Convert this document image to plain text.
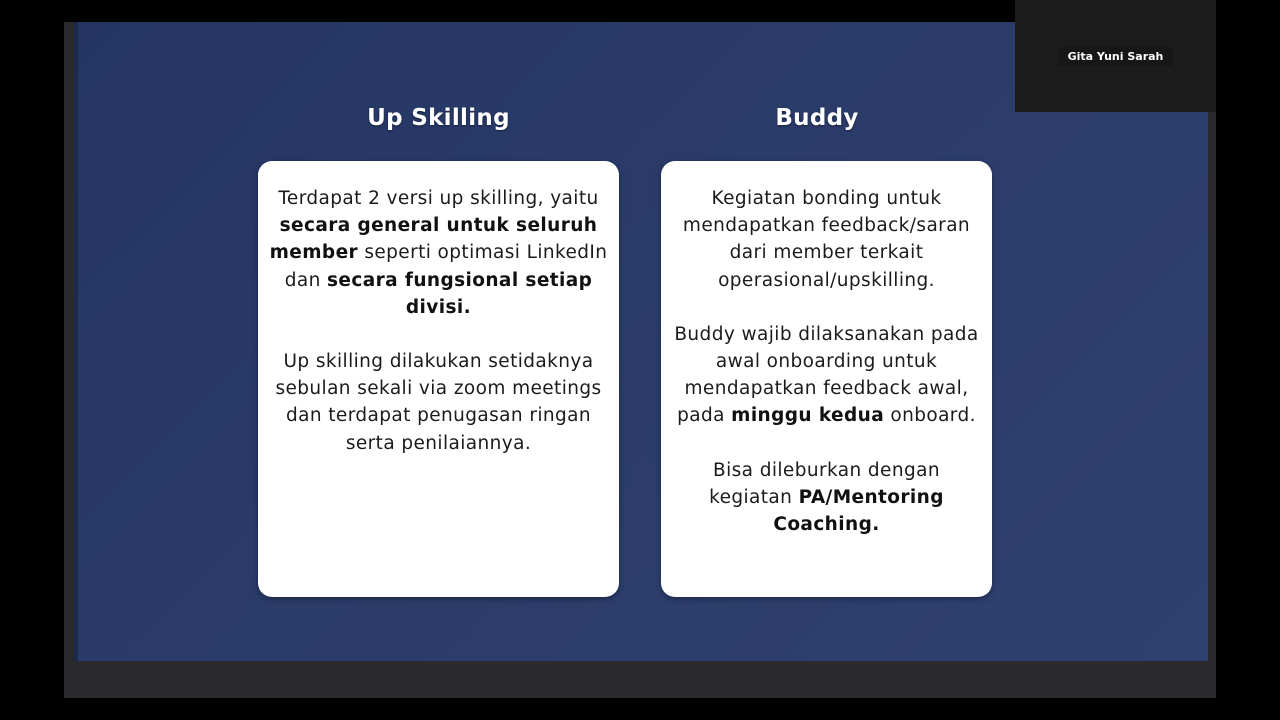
Up Skilling	Buddy

Terdapat 2 versi up skilling, yaitu secara general untuk seluruh member seperti optimasi LinkedIn dan secara fungsional setiap divisi.

Up skilling dilakukan setidaknya sebulan sekali via zoom meetings dan terdapat penugasan ringan serta penilaiannya.

Kegiatan bonding untuk mendapatkan feedback/saran dari member terkait operasional/upskilling.

Buddy wajib dilaksanakan pada awal onboarding untuk mendapatkan feedback awal, pada minggu kedua onboard.

Bisa dileburkan dengan kegiatan PA/Mentoring Coaching.

Gita Yuni Sarah
